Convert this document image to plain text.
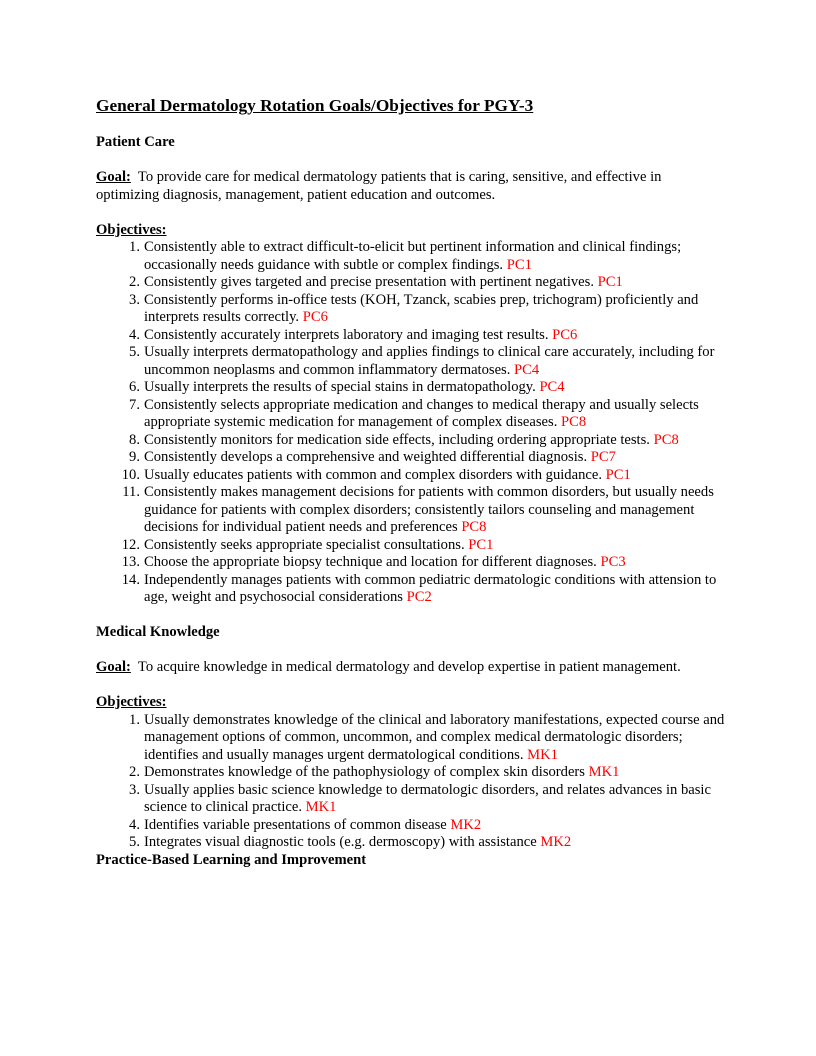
General Dermatology Rotation Goals/Objectives for PGY-3

Patient Care

Goal: To provide care for medical dermatology patients that is caring, sensitive, and effective in optimizing diagnosis, management, patient education and outcomes.

Objectives:

1. Consistently able to extract difficult-to-elicit but pertinent information and clinical findings; occasionally needs guidance with subtle or complex findings. PC1
2. Consistently gives targeted and precise presentation with pertinent negatives. PC1
3. Consistently performs in-office tests (KOH, Tzanck, scabies prep, trichogram) proficiently and interprets results correctly. PC6
4. Consistently accurately interprets laboratory and imaging test results. PC6
5. Usually interprets dermatopathology and applies findings to clinical care accurately, including for uncommon neoplasms and common inflammatory dermatoses. PC4
6. Usually interprets the results of special stains in dermatopathology. PC4
7. Consistently selects appropriate medication and changes to medical therapy and usually selects appropriate systemic medication for management of complex diseases. PC8
8. Consistently monitors for medication side effects, including ordering appropriate tests. PC8
9. Consistently develops a comprehensive and weighted differential diagnosis. PC7
10. Usually educates patients with common and complex disorders with guidance. PC1
11. Consistently makes management decisions for patients with common disorders, but usually needs guidance for patients with complex disorders; consistently tailors counseling and management decisions for individual patient needs and preferences PC8
12. Consistently seeks appropriate specialist consultations. PC1
13. Choose the appropriate biopsy technique and location for different diagnoses. PC3
14. Independently manages patients with common pediatric dermatologic conditions with attension to age, weight and psychosocial considerations PC2

Medical Knowledge

Goal: To acquire knowledge in medical dermatology and develop expertise in patient management.

Objectives:

1. Usually demonstrates knowledge of the clinical and laboratory manifestations, expected course and management options of common, uncommon, and complex medical dermatologic disorders; identifies and usually manages urgent dermatological conditions. MK1
2. Demonstrates knowledge of the pathophysiology of complex skin disorders MK1
3. Usually applies basic science knowledge to dermatologic disorders, and relates advances in basic science to clinical practice. MK1
4. Identifies variable presentations of common disease MK2
5. Integrates visual diagnostic tools (e.g. dermoscopy) with assistance MK2

Practice-Based Learning and Improvement
